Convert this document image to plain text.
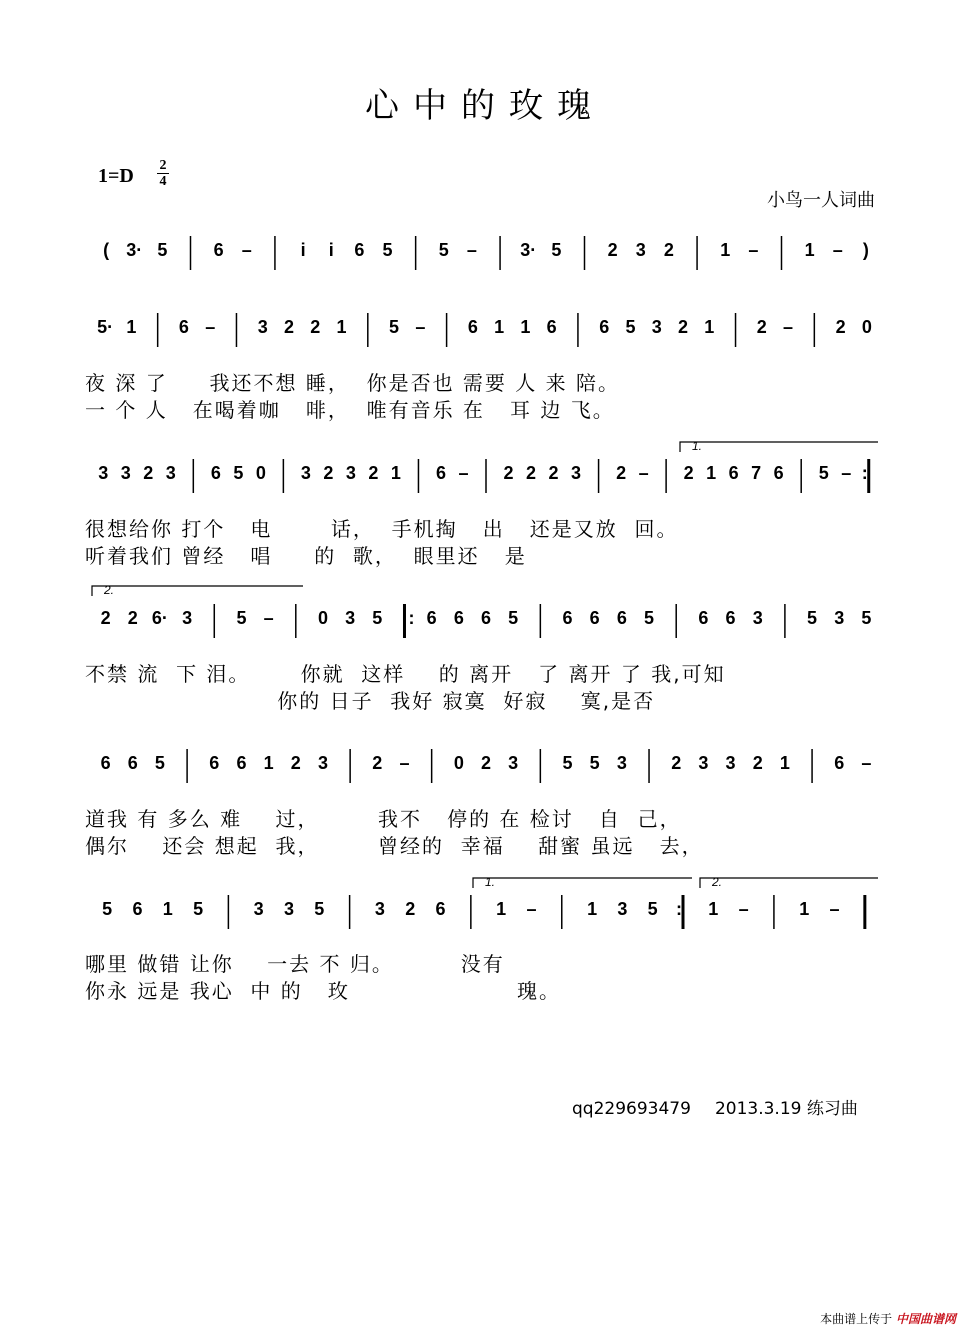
心中的玫瑰
1=D 2
4
小鸟一人词曲
( 3· 5	6 –	i i 6 5	5 – 3· 5	2 3 2	1 –	1 – )
5· 1 6 – 3 2 2 1 5 – 6 1 1 6 6 5 3 2 1 2 – 2 0
3 3 2 3 6 5 0 3 2 3 2 1 6 – 2 2 2 3 2 – 2 1 6 7 6 5 – :
2 2 6· 3 5 – 0 3 5 : 6 6 6 5 6 6 6 5 6 6 3 5 3 5
6 6 5 6 6 1 2 3 2 – 0 2 3 5 5 3 2 3 3 2 1 6 –
5 6 1 5	3 3 5	3 2 6	1 –	1 3 5 : 1 –	1 –
1.
2.
1.	2.
夜 深 了     我还不想 睡，  你是否也 需要 人 来 陪。
一 个 人   在喝着咖   啡，  唯有音乐 在   耳 边 飞。
很想给你 打个   电       话，  手机掏   出   还是又放  回。
听着我们 曾经   唱     的  歌，  眼里还   是
不禁 流  下 泪。      你就  这样    的 离开   了 离开 了 我,可知
你的 日子  我好 寂寞  好寂    寞,是否
道我 有 多么 难    过，       我不   停的 在 检讨   自  己，
偶尔    还会 想起  我，       曾经的  幸福    甜蜜 虽远   去，
哪里 做错 让你    一去 不 归。        没有
你永 远是 我心  中 的   玫                    瑰。
qq229693479 2013.3.19 练习曲
本曲谱上传于 中国曲谱网
